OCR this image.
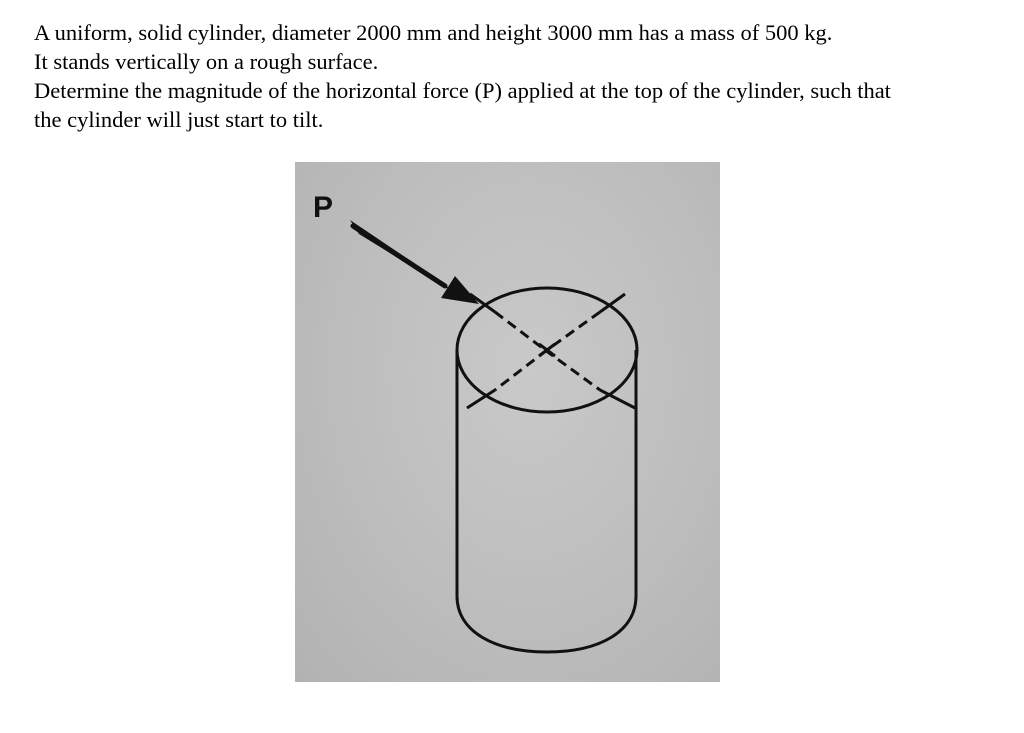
A uniform, solid cylinder, diameter 2000 mm and height 3000 mm has a mass of 500 kg.
It stands vertically on a rough surface.
Determine the magnitude of the horizontal force (P) applied at the top of the cylinder, such that
the cylinder will just start to tilt.
P
